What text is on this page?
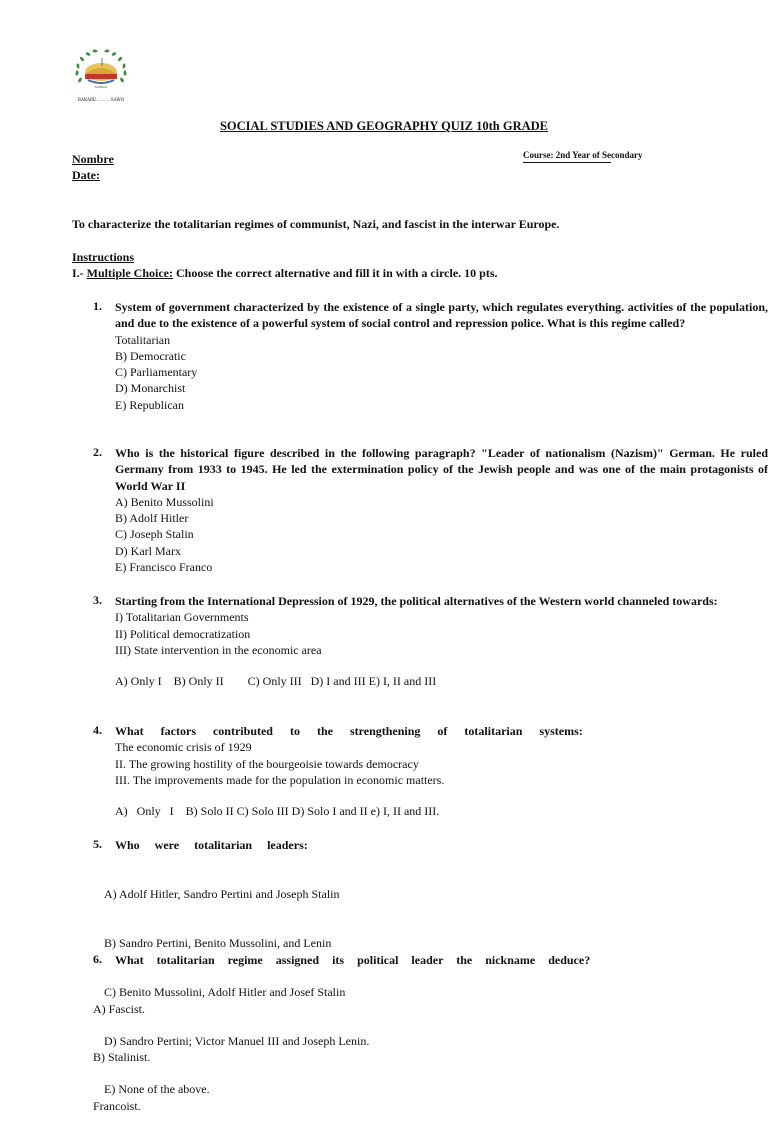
SCHOOL
BAKARE... ... ...SAWO
SOCIAL STUDIES AND GEOGRAPHY QUIZ 10th GRADE
Nombre
Date:
Course: 2nd Year of Secondary
To characterize the totalitarian regimes of communist, Nazi, and fascist in the interwar Europe.
Instructions
I.- Multiple Choice: Choose the correct alternative and fill it in with a circle. 10 pts.
1. System of government characterized by the existence of a single party, which regulates everything. activities of the population, and due to the existence of a powerful system of social control and repression police. What is this regime called?
Totalitarian
B) Democratic
C) Parliamentary
D) Monarchist
E) Republican
2. Who is the historical figure described in the following paragraph? "Leader of nationalism (Nazism)" German. He ruled Germany from 1933 to 1945. He led the extermination policy of the Jewish people and was one of the main protagonists of World War II
A) Benito Mussolini
B) Adolf Hitler
C) Joseph Stalin
D) Karl Marx
E) Francisco Franco
3. Starting from the International Depression of 1929, the political alternatives of the Western world channeled towards:
I) Totalitarian Governments
II) Political democratization
III) State intervention in the economic area
A) Only I    B) Only II        C) Only III   D) I and III E) I, II and III
4. What factors contributed to the strengthening of totalitarian systems:
The economic crisis of 1929
II. The growing hostility of the bourgeoisie towards democracy
III. The improvements made for the population in economic matters.
A)   Only   I    B) Solo II C) Solo III D) Solo I and II e) I, II and III.
5. Who were totalitarian leaders:

A) Adolf Hitler, Sandro Pertini and Joseph Stalin

B) Sandro Pertini, Benito Mussolini, and Lenin

C) Benito Mussolini, Adolf Hitler and Josef Stalin

D) Sandro Pertini; Victor Manuel III and Joseph Lenin.

E) None of the above.

6. What totalitarian regime assigned its political leader the nickname deduce?

A) Fascist.

B) Stalinist.

Francoist.
